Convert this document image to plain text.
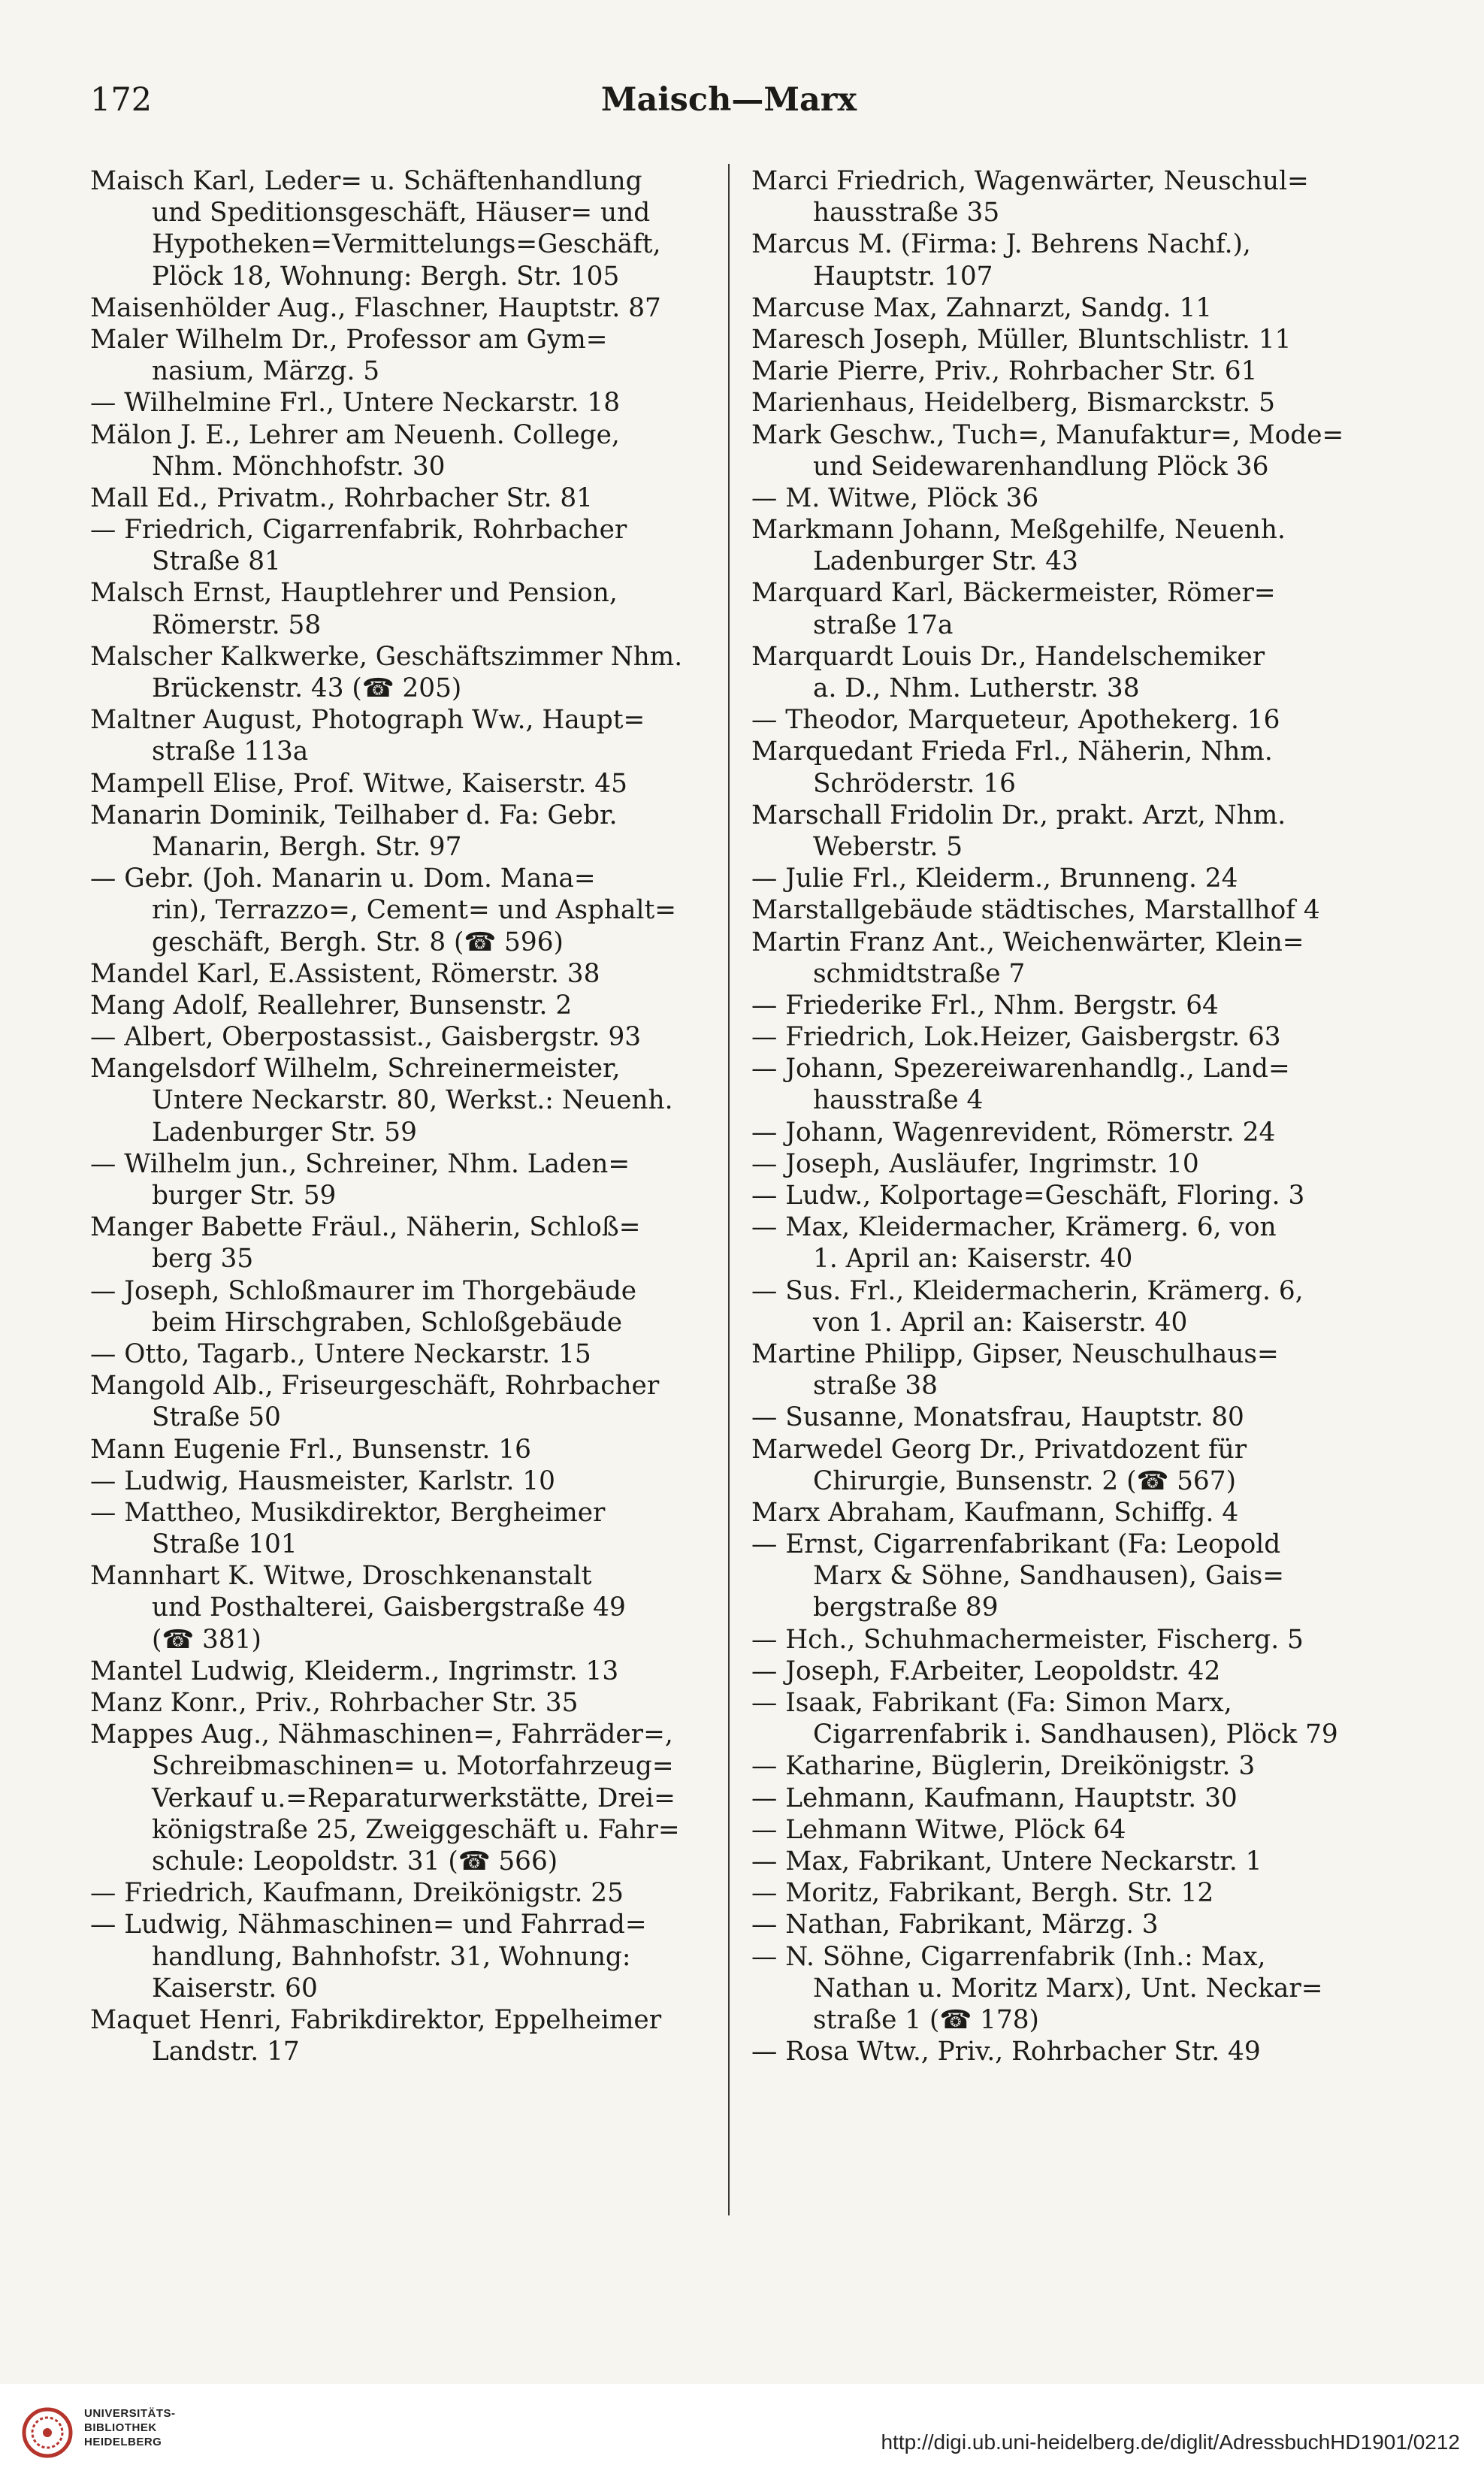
172	Maisch—Marx
Maisch Karl, Leder= u. Schäftenhandlung
und Speditionsgeschäft, Häuser= und
Hypotheken=Vermittelungs=Geschäft,
Plöck 18, Wohnung: Bergh. Str. 105
Maisenhölder Aug., Flaschner, Hauptstr. 87
Maler Wilhelm Dr., Professor am Gym=
nasium, Märzg. 5
— Wilhelmine Frl., Untere Neckarstr. 18
Mälon J. E., Lehrer am Neuenh. College,
Nhm. Mönchhofstr. 30
Mall Ed., Privatm., Rohrbacher Str. 81
— Friedrich, Cigarrenfabrik, Rohrbacher
Straße 81
Malsch Ernst, Hauptlehrer und Pension,
Römerstr. 58
Malscher Kalkwerke, Geschäftszimmer Nhm.
Brückenstr. 43 (☎ 205)
Maltner August, Photograph Ww., Haupt=
straße 113a
Mampell Elise, Prof. Witwe, Kaiserstr. 45
Manarin Dominik, Teilhaber d. Fa: Gebr.
Manarin, Bergh. Str. 97
— Gebr. (Joh. Manarin u. Dom. Mana=
rin), Terrazzo=, Cement= und Asphalt=
geschäft, Bergh. Str. 8 (☎ 596)
Mandel Karl, E.Assistent, Römerstr. 38
Mang Adolf, Reallehrer, Bunsenstr. 2
— Albert, Oberpostassist., Gaisbergstr. 93
Mangelsdorf Wilhelm, Schreinermeister,
Untere Neckarstr. 80, Werkst.: Neuenh.
Ladenburger Str. 59
— Wilhelm jun., Schreiner, Nhm. Laden=
burger Str. 59
Manger Babette Fräul., Näherin, Schloß=
berg 35
— Joseph, Schloßmaurer im Thorgebäude
beim Hirschgraben, Schloßgebäude
— Otto, Tagarb., Untere Neckarstr. 15
Mangold Alb., Friseurgeschäft, Rohrbacher
Straße 50
Mann Eugenie Frl., Bunsenstr. 16
— Ludwig, Hausmeister, Karlstr. 10
— Mattheo, Musikdirektor, Bergheimer
Straße 101
Mannhart K. Witwe, Droschkenanstalt
und Posthalterei, Gaisbergstraße 49
(☎ 381)
Mantel Ludwig, Kleiderm., Ingrimstr. 13
Manz Konr., Priv., Rohrbacher Str. 35
Mappes Aug., Nähmaschinen=, Fahrräder=,
Schreibmaschinen= u. Motorfahrzeug=
Verkauf u.=Reparaturwerkstätte, Drei=
königstraße 25, Zweiggeschäft u. Fahr=
schule: Leopoldstr. 31 (☎ 566)
— Friedrich, Kaufmann, Dreikönigstr. 25
— Ludwig, Nähmaschinen= und Fahrrad=
handlung, Bahnhofstr. 31, Wohnung:
Kaiserstr. 60
Maquet Henri, Fabrikdirektor, Eppelheimer
Landstr. 17
Marci Friedrich, Wagenwärter, Neuschul=
hausstraße 35
Marcus M. (Firma: J. Behrens Nachf.),
Hauptstr. 107
Marcuse Max, Zahnarzt, Sandg. 11
Maresch Joseph, Müller, Bluntschlistr. 11
Marie Pierre, Priv., Rohrbacher Str. 61
Marienhaus, Heidelberg, Bismarckstr. 5
Mark Geschw., Tuch=, Manufaktur=, Mode=
und Seidewarenhandlung Plöck 36
— M. Witwe, Plöck 36
Markmann Johann, Meßgehilfe, Neuenh.
Ladenburger Str. 43
Marquard Karl, Bäckermeister, Römer=
straße 17a
Marquardt Louis Dr., Handelschemiker
a. D., Nhm. Lutherstr. 38
— Theodor, Marqueteur, Apothekerg. 16
Marquedant Frieda Frl., Näherin, Nhm.
Schröderstr. 16
Marschall Fridolin Dr., prakt. Arzt, Nhm.
Weberstr. 5
— Julie Frl., Kleiderm., Brunneng. 24
Marstallgebäude städtisches, Marstallhof 4
Martin Franz Ant., Weichenwärter, Klein=
schmidtstraße 7
— Friederike Frl., Nhm. Bergstr. 64
— Friedrich, Lok.Heizer, Gaisbergstr. 63
— Johann, Spezereiwarenhandlg., Land=
hausstraße 4
— Johann, Wagenrevident, Römerstr. 24
— Joseph, Ausläufer, Ingrimstr. 10
— Ludw., Kolportage=Geschäft, Floring. 3
— Max, Kleidermacher, Krämerg. 6, von
1. April an: Kaiserstr. 40
— Sus. Frl., Kleidermacherin, Krämerg. 6,
von 1. April an: Kaiserstr. 40
Martine Philipp, Gipser, Neuschulhaus=
straße 38
— Susanne, Monatsfrau, Hauptstr. 80
Marwedel Georg Dr., Privatdozent für
Chirurgie, Bunsenstr. 2 (☎ 567)
Marx Abraham, Kaufmann, Schiffg. 4
— Ernst, Cigarrenfabrikant (Fa: Leopold
Marx & Söhne, Sandhausen), Gais=
bergstraße 89
— Hch., Schuhmachermeister, Fischerg. 5
— Joseph, F.Arbeiter, Leopoldstr. 42
— Isaak, Fabrikant (Fa: Simon Marx,
Cigarrenfabrik i. Sandhausen), Plöck 79
— Katharine, Büglerin, Dreikönigstr. 3
— Lehmann, Kaufmann, Hauptstr. 30
— Lehmann Witwe, Plöck 64
— Max, Fabrikant, Untere Neckarstr. 1
— Moritz, Fabrikant, Bergh. Str. 12
— Nathan, Fabrikant, Märzg. 3
— N. Söhne, Cigarrenfabrik (Inh.: Max,
Nathan u. Moritz Marx), Unt. Neckar=
straße 1 (☎ 178)
— Rosa Wtw., Priv., Rohrbacher Str. 49
UNIVERSITÄTS-
BIBLIOTHEK
HEIDELBERG	http://digi.ub.uni-heidelberg.de/diglit/AdressbuchHD1901/0212
